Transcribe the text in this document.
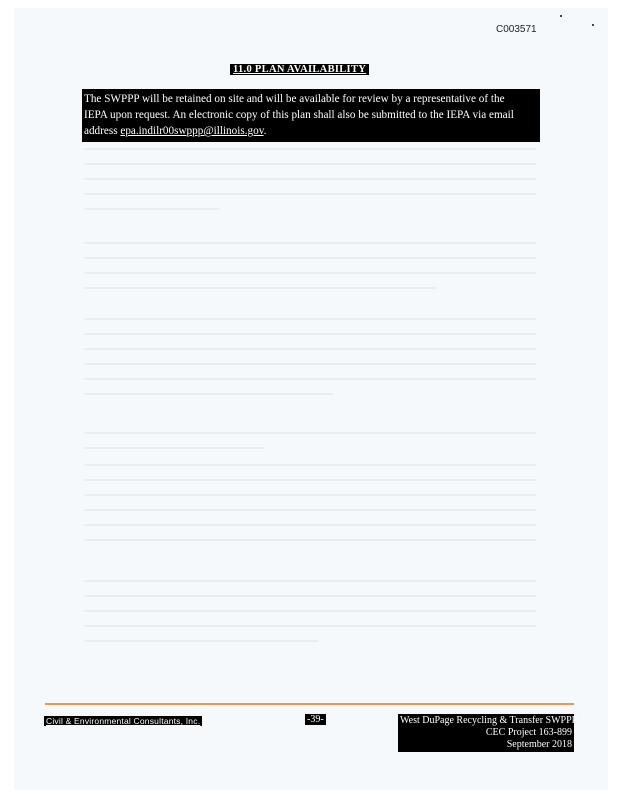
C003571
11.0 PLAN AVAILABILITY
The SWPPP will be retained on site and will be available for review by a representative of the
IEPA upon request. An electronic copy of this plan shall also be submitted to the IEPA via email
address epa.indilr00swppp@illinois.gov.
Civil & Environmental Consultants, Inc.	-39-	West DuPage Recycling & Transfer SWPPP
CEC Project 163-899
September 2018
